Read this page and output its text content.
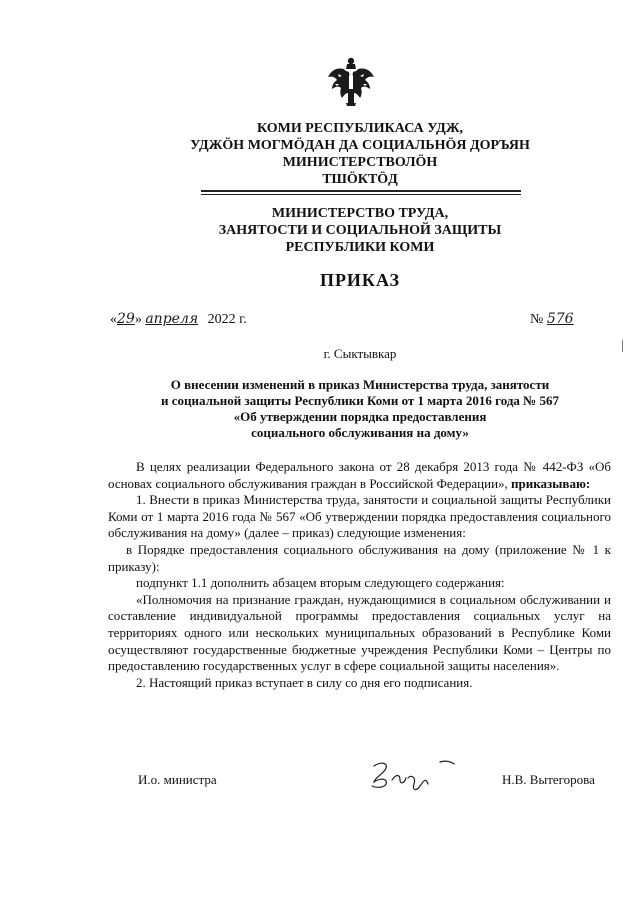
КОМИ РЕСПУБЛИКАСА УДЖ,
УДЖӦН МОГМӦДАН ДА СОЦИАЛЬНӦЯ ДОРЪЯН
МИНИСТЕРСТВОЛӦН
ТШӦКТӦД
МИНИСТЕРСТВО ТРУДА,
ЗАНЯТОСТИ И СОЦИАЛЬНОЙ ЗАЩИТЫ
РЕСПУБЛИКИ КОМИ
ПРИКАЗ
«29» апреля 2022 г.	№ 576
г. Сыктывкар
О внесении изменений в приказ Министерства труда, занятости
и социальной защиты Республики Коми от 1 марта 2016 года № 567
«Об утверждении порядка предоставления
социального обслуживания на дому»

В целях реализации Федерального закона от 28 декабря 2013 года № 442-ФЗ «Об основах социального обслуживания граждан в Российской Федерации», приказываю:

1. Внести в приказ Министерства труда, занятости и социальной защиты Республики Коми от 1 марта 2016 года № 567 «Об утверждении порядка предоставления социального обслуживания на дому» (далее – приказ) следующие изменения:

в Порядке предоставления социального обслуживания на дому (приложение № 1 к приказу):

подпункт 1.1 дополнить абзацем вторым следующего содержания:

«Полномочия на признание граждан, нуждающимися в социальном обслуживании и составление индивидуальной программы предоставления социальных услуг на территориях одного или нескольких муниципальных образований в Республике Коми осуществляют государственные бюджетные учреждения Республики Коми – Центры по предоставлению государственных услуг в сфере социальной защиты населения».

2. Настоящий приказ вступает в силу со дня его подписания.

И.о. министра	Н.В. Вытегорова
